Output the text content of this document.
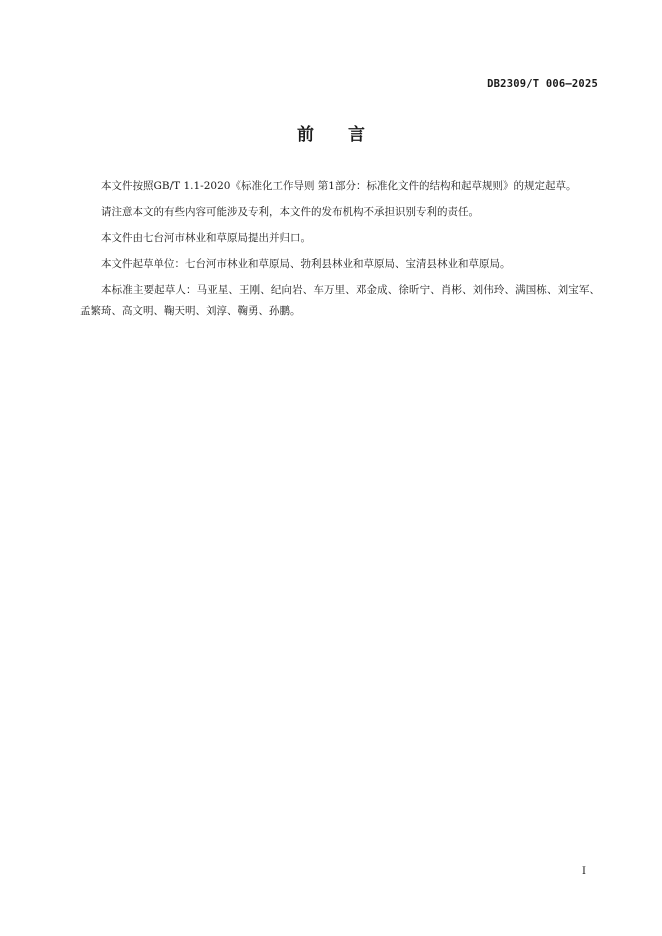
DB2309/T 006—2025
前 言

本文件按照GB/T 1.1-2020《标准化工作导则 第1部分：标准化文件的结构和起草规则》的规定起草。

请注意本文的有些内容可能涉及专利，本文件的发布机构不承担识别专利的责任。

本文件由七台河市林业和草原局提出并归口。

本文件起草单位：七台河市林业和草原局、勃利县林业和草原局、宝清县林业和草原局。

本标准主要起草人：马亚星、王刚、纪向岩、车万里、邓金成、徐昕宁、肖彬、刘伟玲、满国栋、刘宝军、孟繁琦、高文明、鞠天明、刘淳、鞠勇、孙鹏。

I
